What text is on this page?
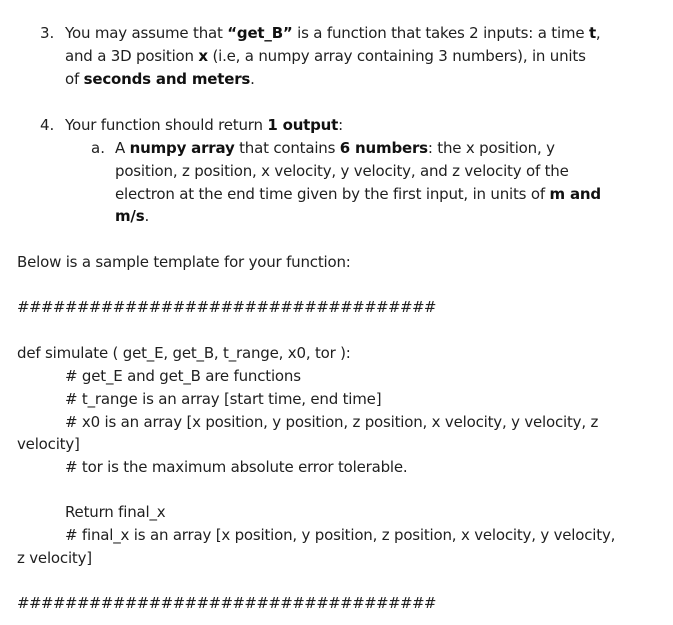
3. You may assume that “get_B” is a function that takes 2 inputs: a time t,
and a 3D position x (i.e, a numpy array containing 3 numbers), in units
of seconds and meters.
4. Your function should return 1 output:
a. A numpy array that contains 6 numbers: the x position, y
position, z position, x velocity, y velocity, and z velocity of the
electron at the end time given by the first input, in units of m and
m/s.
Below is a sample template for your function:
###################################
def simulate ( get_E, get_B, t_range, x0, tor ):
# get_E and get_B are functions
# t_range is an array [start time, end time]
# x0 is an array [x position, y position, z position, x velocity, y velocity, z
velocity]
# tor is the maximum absolute error tolerable.
Return final_x
# final_x is an array [x position, y position, z position, x velocity, y velocity,
z velocity]
###################################
